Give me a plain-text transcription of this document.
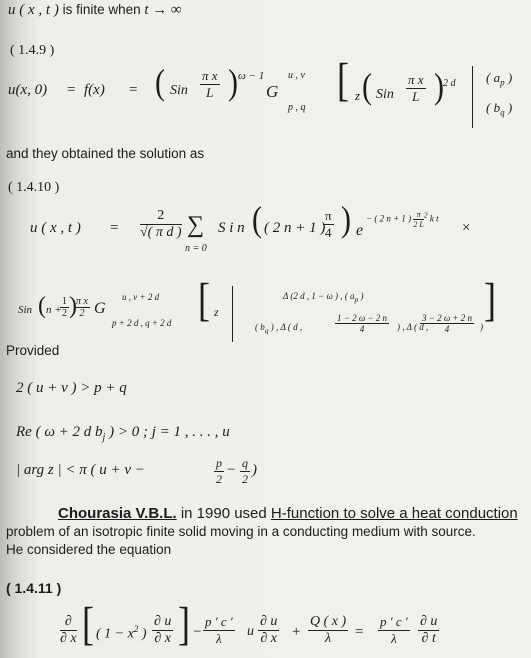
u ( x , t ) is finite when t → ∞
( 1.4.9 )
u(x, 0) = f(x) = ( Sin $\frac{\text{π x}}{L}$ ) ω − 1
G
u , v
p , q
[ z ( Sin $\frac{\text{π x}}{L}$ ) 2 d ( $a_p$ )
( $b_q$ )
and they obtained the solution as
( 1.4.10 )
u ( x , t ) = $\frac{2}{\text{√( π d )}}$ ∑
n = 0
S i n ( ( 2 n + 1 )
$\frac{\pi}{4}$ ) e
− ( 2 n + 1 ) $\frac{\pi}{2 L} ^2$ k t
×
Sin ( n +
$\frac{1}{2}$ )
$\frac{\text{π x}}{2}$ G
u , v + 2 d
p + 2 d , q + 2 d [ z
Δ (2 d , 1 − ω ) , ( $a_p$ )
( $b_q$ ) , Δ ( d ,	$\frac{1 - 2 \omega - 2 n}{4}$ ) , Δ ( d ,
$\frac{3 - 2 \omega + 2 n}{4}$ )
]
Provided
2 ( u + v ) > p + q
Re ( ω + 2 d $b_j$ ) > 0 ; j = 1 , . . . , u
| arg z | < π ( u + v −	$\frac{p}{2} - \frac{q}{2}$ )
Chourasia V.B.L. in 1990 used H-function to solve a heat conduction
problem of an isotropic finite solid moving in a conducting medium with source.
He considered the equation
( 1.4.11 )
∂
∂ x [ ( $1 - x^2$ ) $\frac{\partial u}{\partial x}$ ] − $\frac{p ' c '}{\lambda}$ u $\frac{\partial u}{\partial x} + \frac{Q ( x )}{\lambda} = \frac{p ' c '}{\lambda} \frac{\partial u}{\partial t}$
